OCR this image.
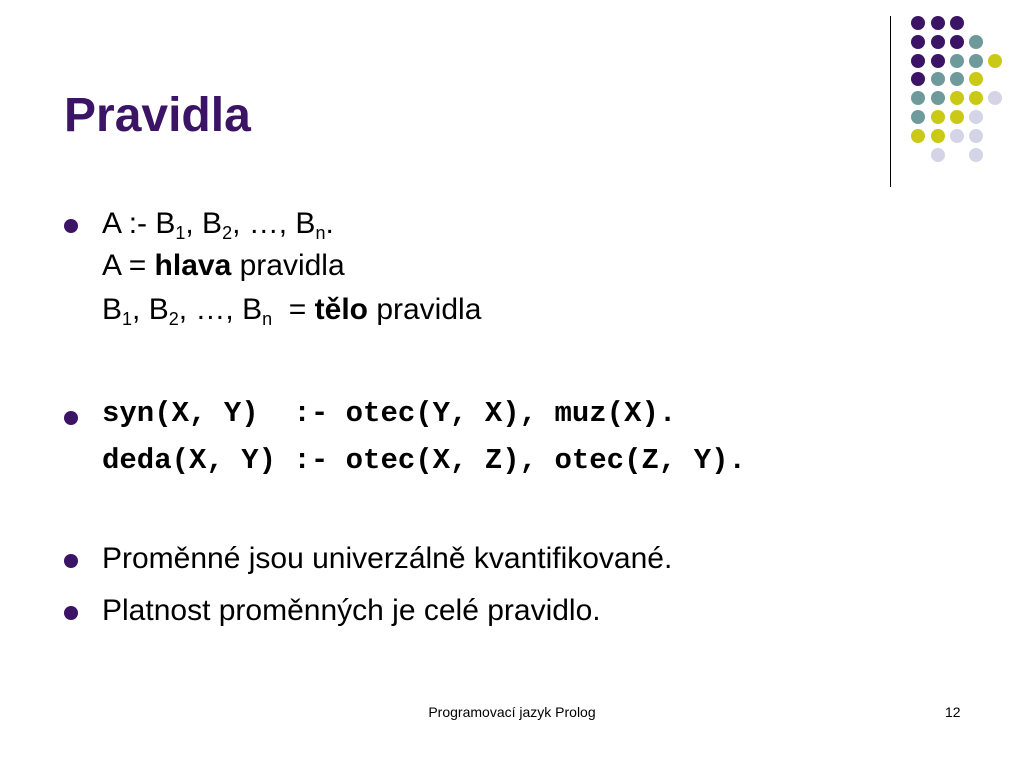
Pravidla
A :- $B_1$, $B_2$, …, $B_n$.
A = hlava pravidla
$B_1$, $B_2$, …, $B_n$  = tělo pravidla
syn(X, Y)  :- otec(Y, X), muz(X).
deda(X, Y) :- otec(X, Z), otec(Z, Y).
Proměnné jsou univerzálně kvantifikované.
Platnost proměnných je celé pravidlo.
Programovací jazyk Prolog	12
